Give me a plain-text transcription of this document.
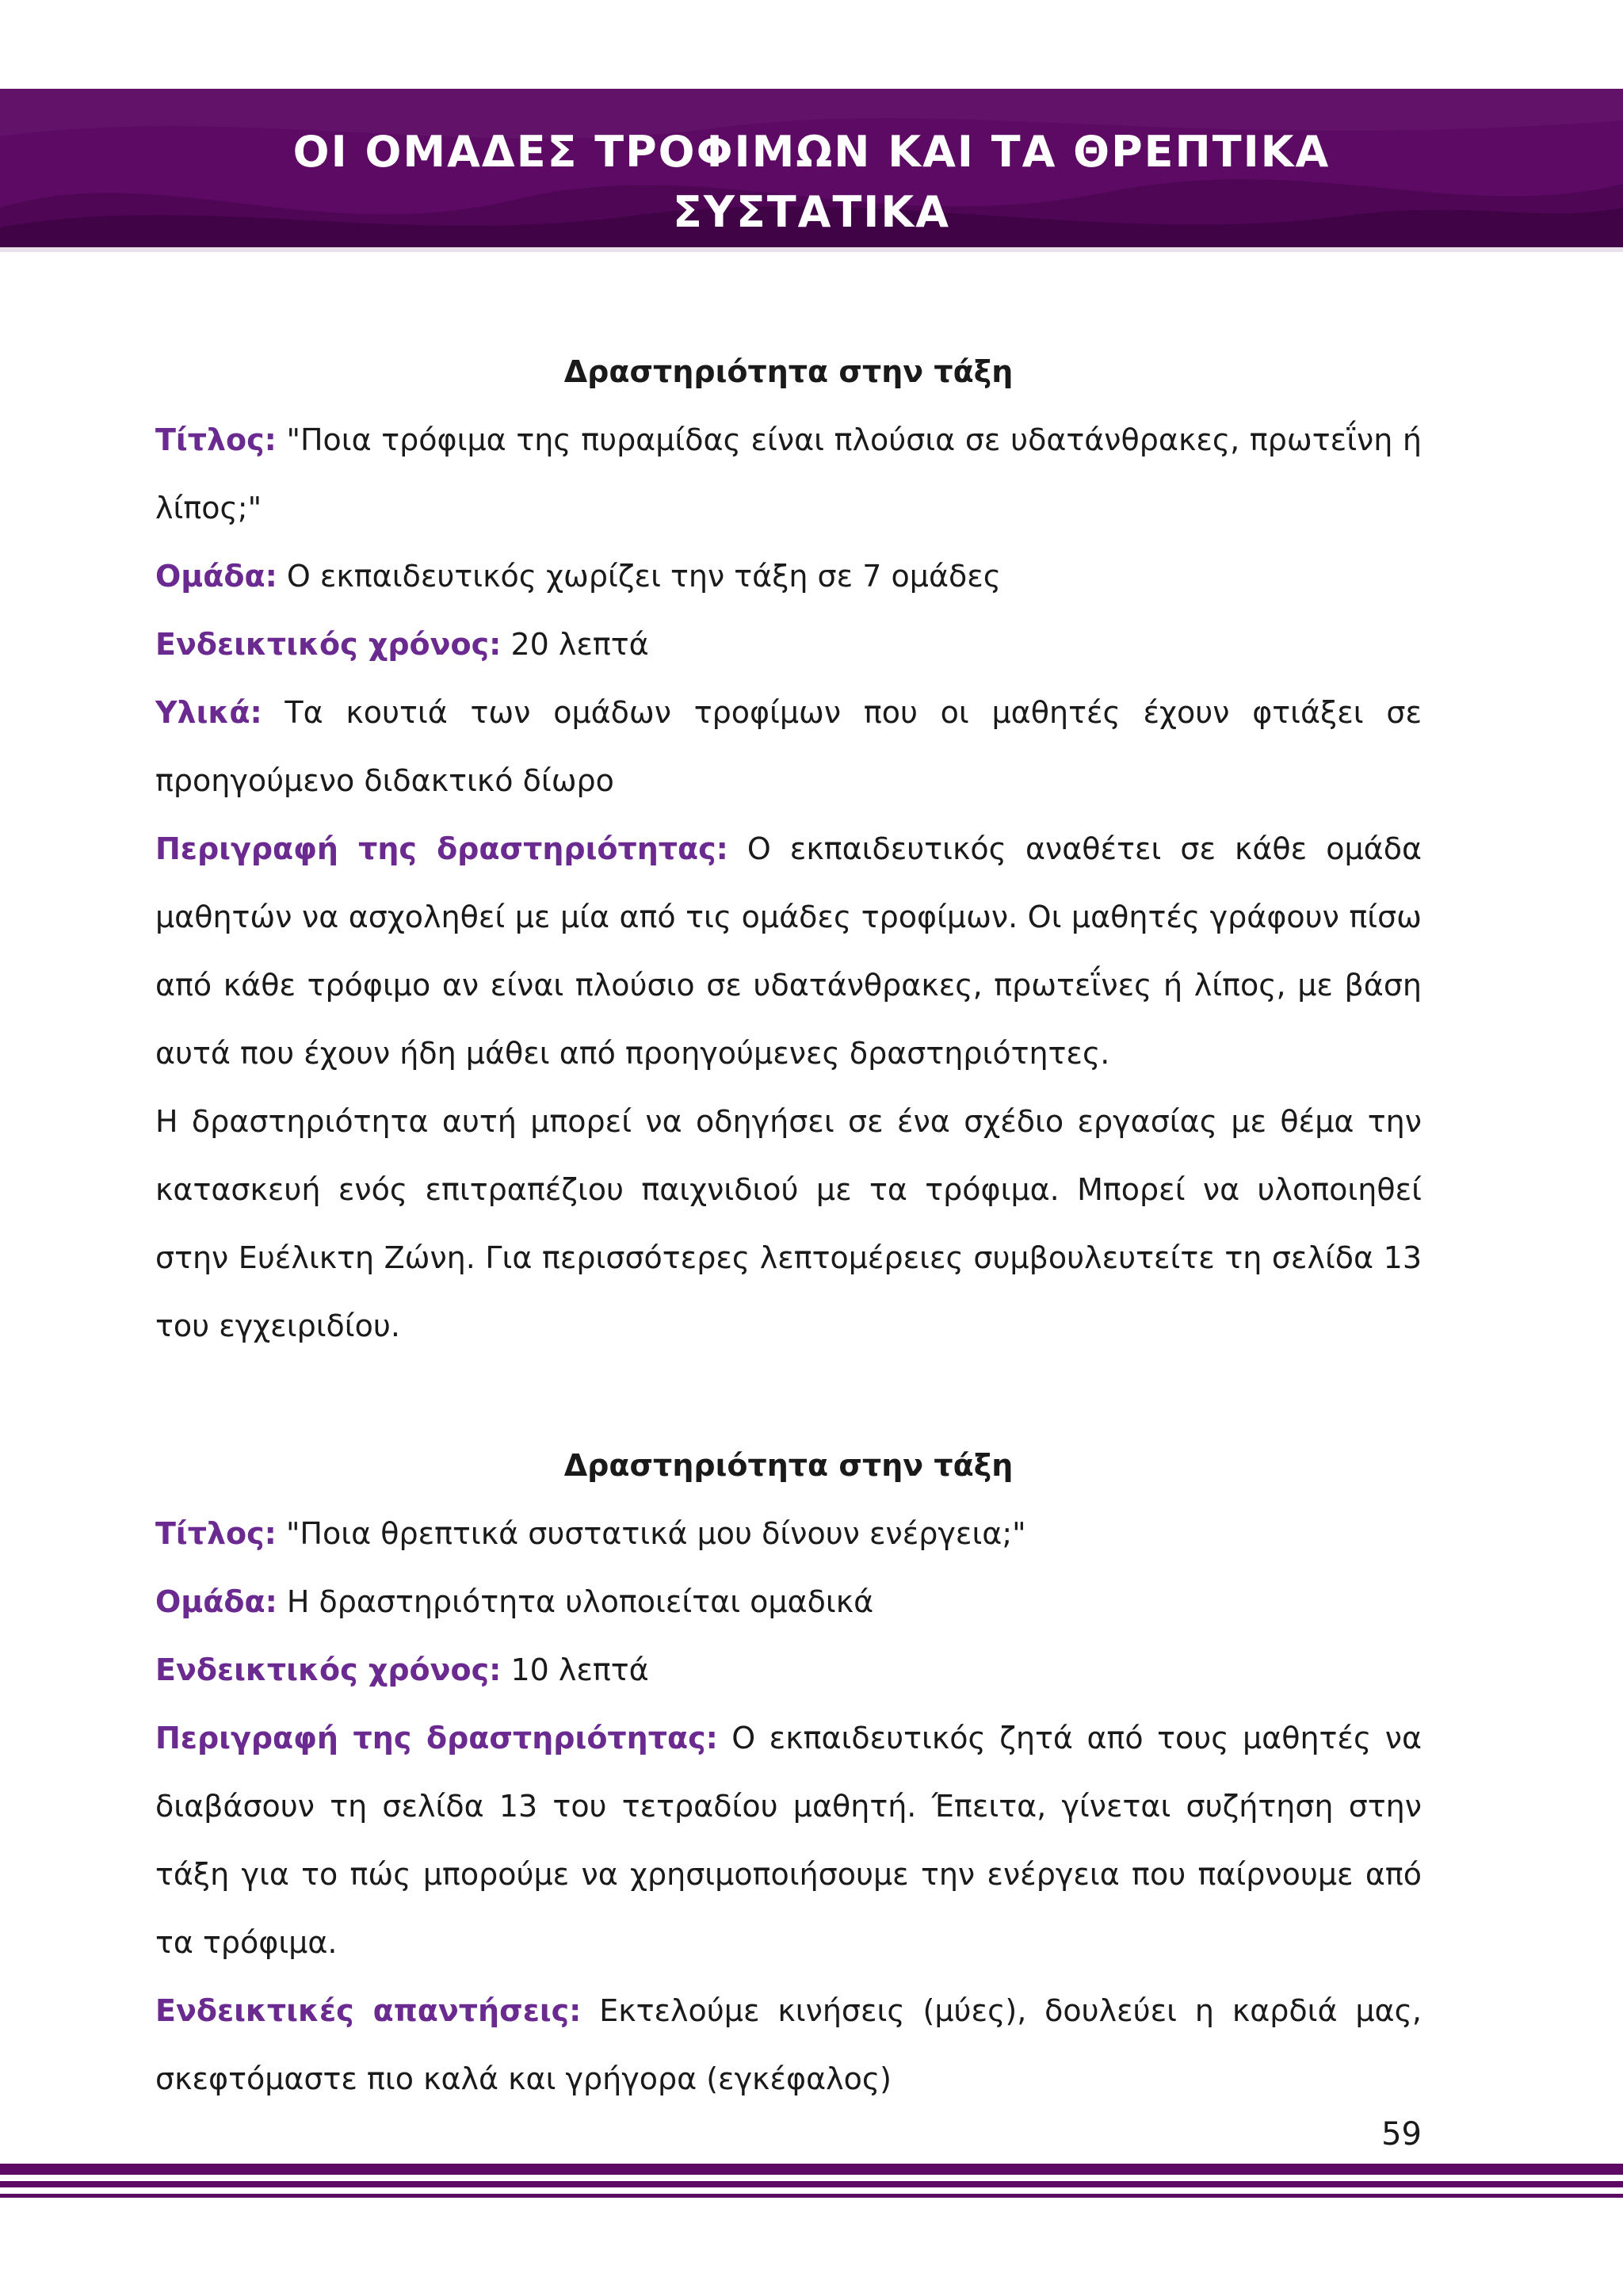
ΟΙ ΟΜΑΔΕΣ ΤΡΟΦΙΜΩΝ ΚΑΙ ΤΑ ΘΡΕΠΤΙΚΑ
ΣΥΣΤΑΤΙΚΑ

Δραστηριότητα στην τάξη

Τίτλος: "Ποια τρόφιμα της πυραμίδας είναι πλούσια σε υδατάνθρακες, πρωτεΐνη ή λίπος;"

Ομάδα: Ο εκπαιδευτικός χωρίζει την τάξη σε 7 ομάδες

Ενδεικτικός χρόνος: 20 λεπτά

Υλικά: Τα κουτιά των ομάδων τροφίμων που οι μαθητές έχουν φτιάξει σε προηγούμενο διδακτικό δίωρο

Περιγραφή της δραστηριότητας: Ο εκπαιδευτικός αναθέτει σε κάθε ομάδα μαθητών να ασχοληθεί με μία από τις ομάδες τροφίμων. Οι μαθητές γράφουν πίσω από κάθε τρόφιμο αν είναι πλούσιο σε υδατάνθρακες, πρωτεΐνες ή λίπος, με βάση αυτά που έχουν ήδη μάθει από προηγούμενες δραστηριότητες.

Η δραστηριότητα αυτή μπορεί να οδηγήσει σε ένα σχέδιο εργασίας με θέμα την κατασκευή ενός επιτραπέζιου παιχνιδιού με τα τρόφιμα. Μπορεί να υλοποιηθεί στην Ευέλικτη Ζώνη. Για περισσότερες λεπτομέρειες συμβουλευτείτε τη σελίδα 13 του εγχειριδίου.

Δραστηριότητα στην τάξη

Τίτλος: "Ποια θρεπτικά συστατικά μου δίνουν ενέργεια;"

Ομάδα: Η δραστηριότητα υλοποιείται ομαδικά

Ενδεικτικός χρόνος: 10 λεπτά

Περιγραφή της δραστηριότητας: Ο εκπαιδευτικός ζητά από τους μαθητές να διαβάσουν τη σελίδα 13 του τετραδίου μαθητή. Έπειτα, γίνεται συζήτηση στην τάξη για το πώς μπορούμε να χρησιμοποιήσουμε την ενέργεια που παίρνουμε από τα τρόφιμα.

Ενδεικτικές απαντήσεις: Εκτελούμε κινήσεις (μύες), δουλεύει η καρδιά μας, σκεφτόμαστε πιο καλά και γρήγορα (εγκέφαλος)

59
